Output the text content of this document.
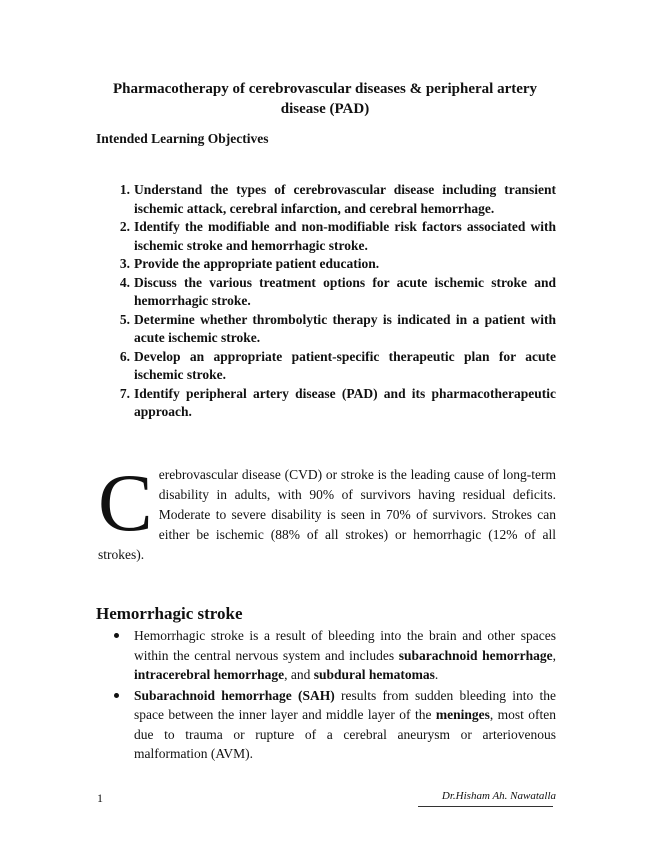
Pharmacotherapy of cerebrovascular diseases & peripheral artery disease (PAD)
Intended Learning Objectives
1. Understand the types of cerebrovascular disease including transient ischemic attack, cerebral infarction, and cerebral hemorrhage.
2. Identify the modifiable and non-modifiable risk factors associated with ischemic stroke and hemorrhagic stroke.
3. Provide the appropriate patient education.
4. Discuss the various treatment options for acute ischemic stroke and hemorrhagic stroke.
5. Determine whether thrombolytic therapy is indicated in a patient with acute ischemic stroke.
6. Develop an appropriate patient-specific therapeutic plan for acute ischemic stroke.
7. Identify peripheral artery disease (PAD) and its pharmacotherapeutic approach.
C erebrovascular disease (CVD) or stroke is the leading cause of long-term disability in adults, with 90% of survivors having residual deficits. Moderate to severe disability is seen in 70% of survivors. Strokes can either be ischemic (88% of all strokes) or hemorrhagic (12% of all strokes).
Hemorrhagic stroke
Hemorrhagic stroke is a result of bleeding into the brain and other spaces within the central nervous system and includes subarachnoid hemorrhage, intracerebral hemorrhage, and subdural hematomas.
Subarachnoid hemorrhage (SAH) results from sudden bleeding into the space between the inner layer and middle layer of the meninges, most often due to trauma or rupture of a cerebral aneurysm or arteriovenous malformation (AVM).
1	Dr.Hisham Ah. Nawatalla
